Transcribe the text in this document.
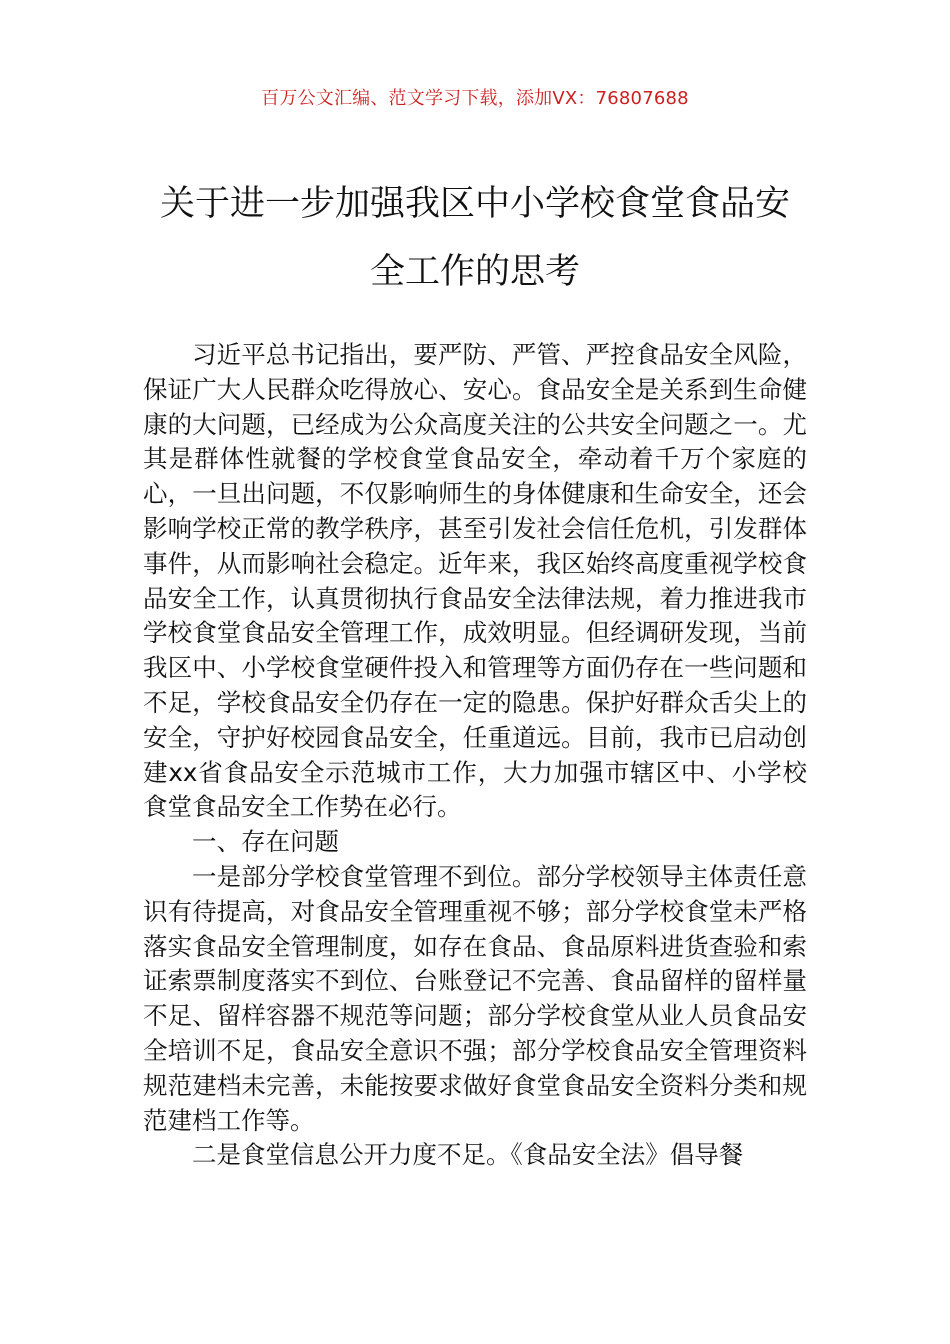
百万公文汇编、范文学习下载，添加VX：76807688
关于进一步加强我区中小学校食堂食品安全工作的思考

习近平总书记指出，要严防、严管、严控食品安全风险，保证广大人民群众吃得放心、安心。食品安全是关系到生命健康的大问题，已经成为公众高度关注的公共安全问题之一。尤其是群体性就餐的学校食堂食品安全，牵动着千万个家庭的心，一旦出问题，不仅影响师生的身体健康和生命安全，还会影响学校正常的教学秩序，甚至引发社会信任危机，引发群体事件，从而影响社会稳定。近年来，我区始终高度重视学校食品安全工作，认真贯彻执行食品安全法律法规，着力推进我市学校食堂食品安全管理工作，成效明显。但经调研发现，当前我区中、小学校食堂硬件投入和管理等方面仍存在一些问题和不足，学校食品安全仍存在一定的隐患。保护好群众舌尖上的安全，守护好校园食品安全，任重道远。目前，我市已启动创建xx省食品安全示范城市工作，大力加强市辖区中、小学校食堂食品安全工作势在必行。

一、存在问题

一是部分学校食堂管理不到位。部分学校领导主体责任意识有待提高，对食品安全管理重视不够；部分学校食堂未严格落实食品安全管理制度，如存在食品、食品原料进货查验和索证索票制度落实不到位、台账登记不完善、食品留样的留样量不足、留样容器不规范等问题；部分学校食堂从业人员食品安全培训不足，食品安全意识不强；部分学校食品安全管理资料规范建档未完善，未能按要求做好食堂食品安全资料分类和规范建档工作等。

二是食堂信息公开力度不足。《食品安全法》倡导餐
